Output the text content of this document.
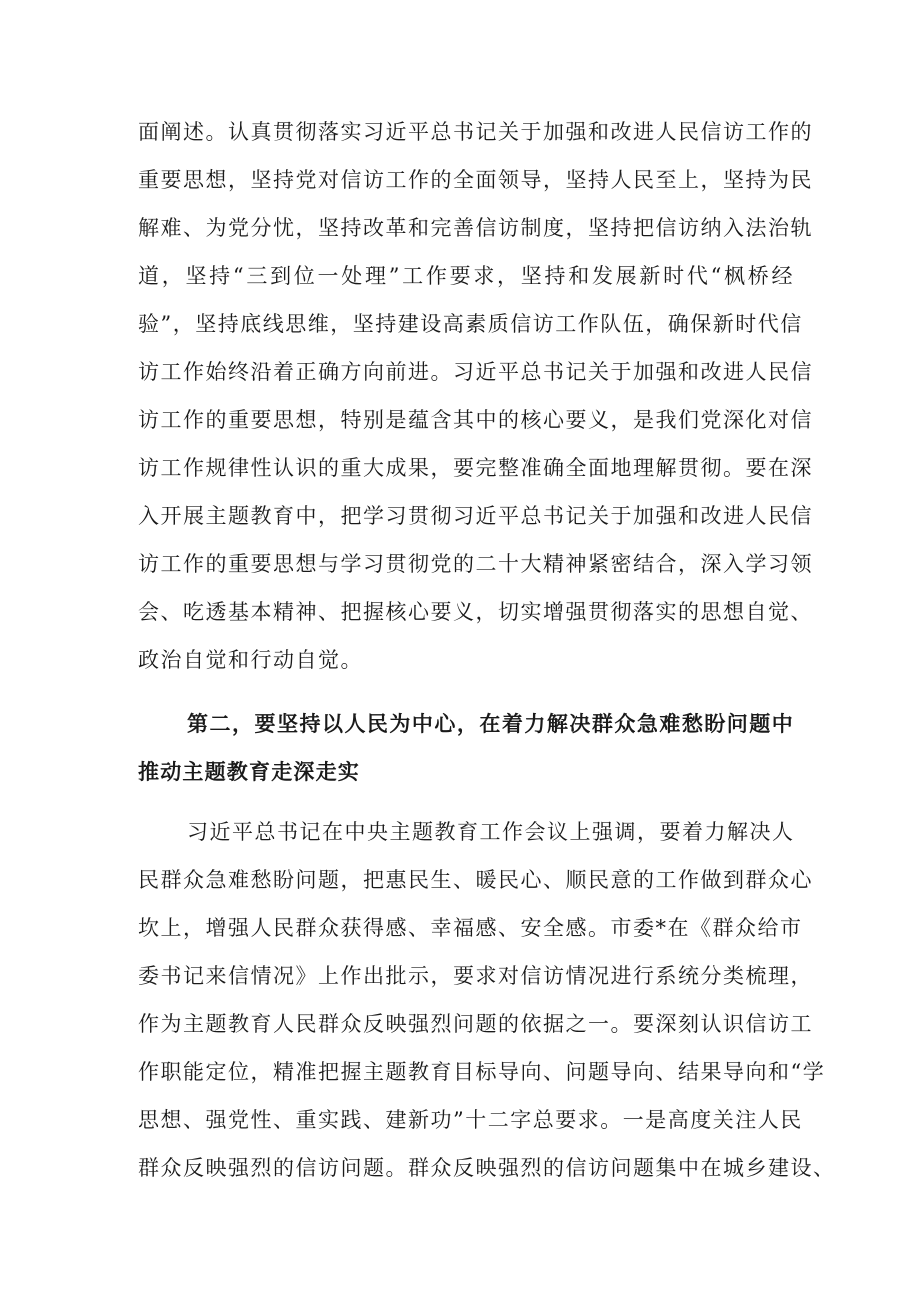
面阐述。认真贯彻落实习近平总书记关于加强和改进人民信访工作的
重要思想，坚持党对信访工作的全面领导，坚持人民至上，坚持为民
解难、为党分忧，坚持改革和完善信访制度，坚持把信访纳入法治轨
道，坚持“三到位一处理”工作要求，坚持和发展新时代“枫桥经
验”，坚持底线思维，坚持建设高素质信访工作队伍，确保新时代信
访工作始终沿着正确方向前进。习近平总书记关于加强和改进人民信
访工作的重要思想，特别是蕴含其中的核心要义，是我们党深化对信
访工作规律性认识的重大成果，要完整准确全面地理解贯彻。要在深
入开展主题教育中，把学习贯彻习近平总书记关于加强和改进人民信
访工作的重要思想与学习贯彻党的二十大精神紧密结合，深入学习领
会、吃透基本精神、把握核心要义，切实增强贯彻落实的思想自觉、
政治自觉和行动自觉。
第二，要坚持以人民为中心，在着力解决群众急难愁盼问题中
推动主题教育走深走实
习近平总书记在中央主题教育工作会议上强调，要着力解决人
民群众急难愁盼问题，把惠民生、暖民心、顺民意的工作做到群众心
坎上，增强人民群众获得感、幸福感、安全感。市委*在《群众给市
委书记来信情况》上作出批示，要求对信访情况进行系统分类梳理，
作为主题教育人民群众反映强烈问题的依据之一。要深刻认识信访工
作职能定位，精准把握主题教育目标导向、问题导向、结果导向和“学
思想、强党性、重实践、建新功”十二字总要求。一是高度关注人民
群众反映强烈的信访问题。群众反映强烈的信访问题集中在城乡建设、
